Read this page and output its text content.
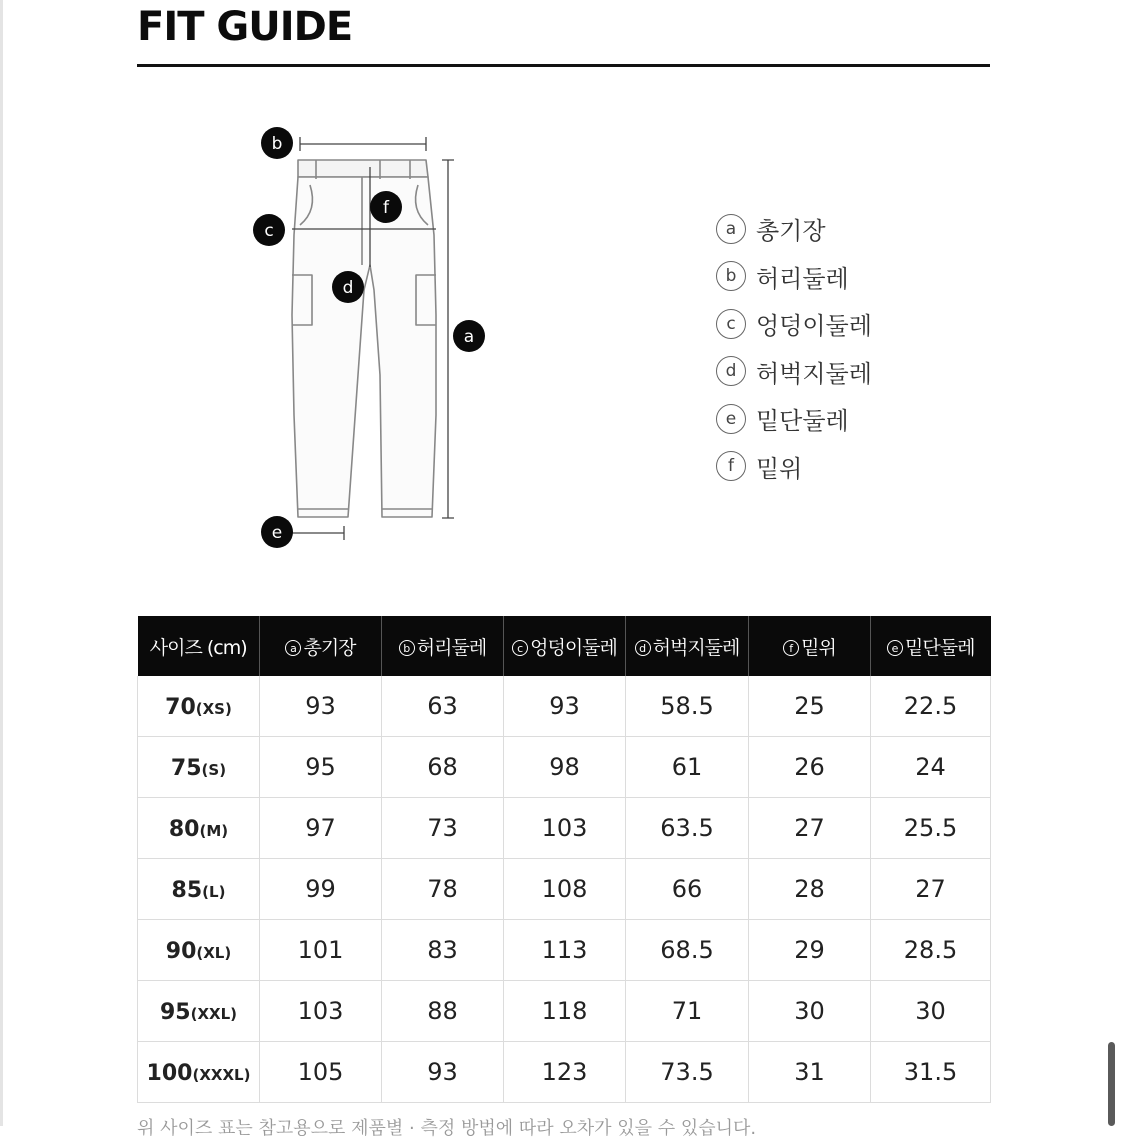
FIT GUIDE
b
c
f
d
a
e
a 총기장
b 허리둘레
c 엉덩이둘레
d 허벅지둘레
e 밑단둘레
f 밑위
사이즈 (cm)	a 총기장	b 허리둘레	c 엉덩이둘레	d 허벅지둘레	f 밑위	e 밑단둘레
70(XS)	93	63	93	58.5	25	22.5
75(S)	95	68	98	61	26	24
80(M)	97	73	103	63.5	27	25.5
85(L)	99	78	108	66	28	27
90(XL)	101	83	113	68.5	29	28.5
95(XXL)	103	88	118	71	30	30
100(XXXL)	105	93	123	73.5	31	31.5
위 사이즈 표는 참고용으로 제품별 · 측정 방법에 따라 오차가 있을 수 있습니다.
